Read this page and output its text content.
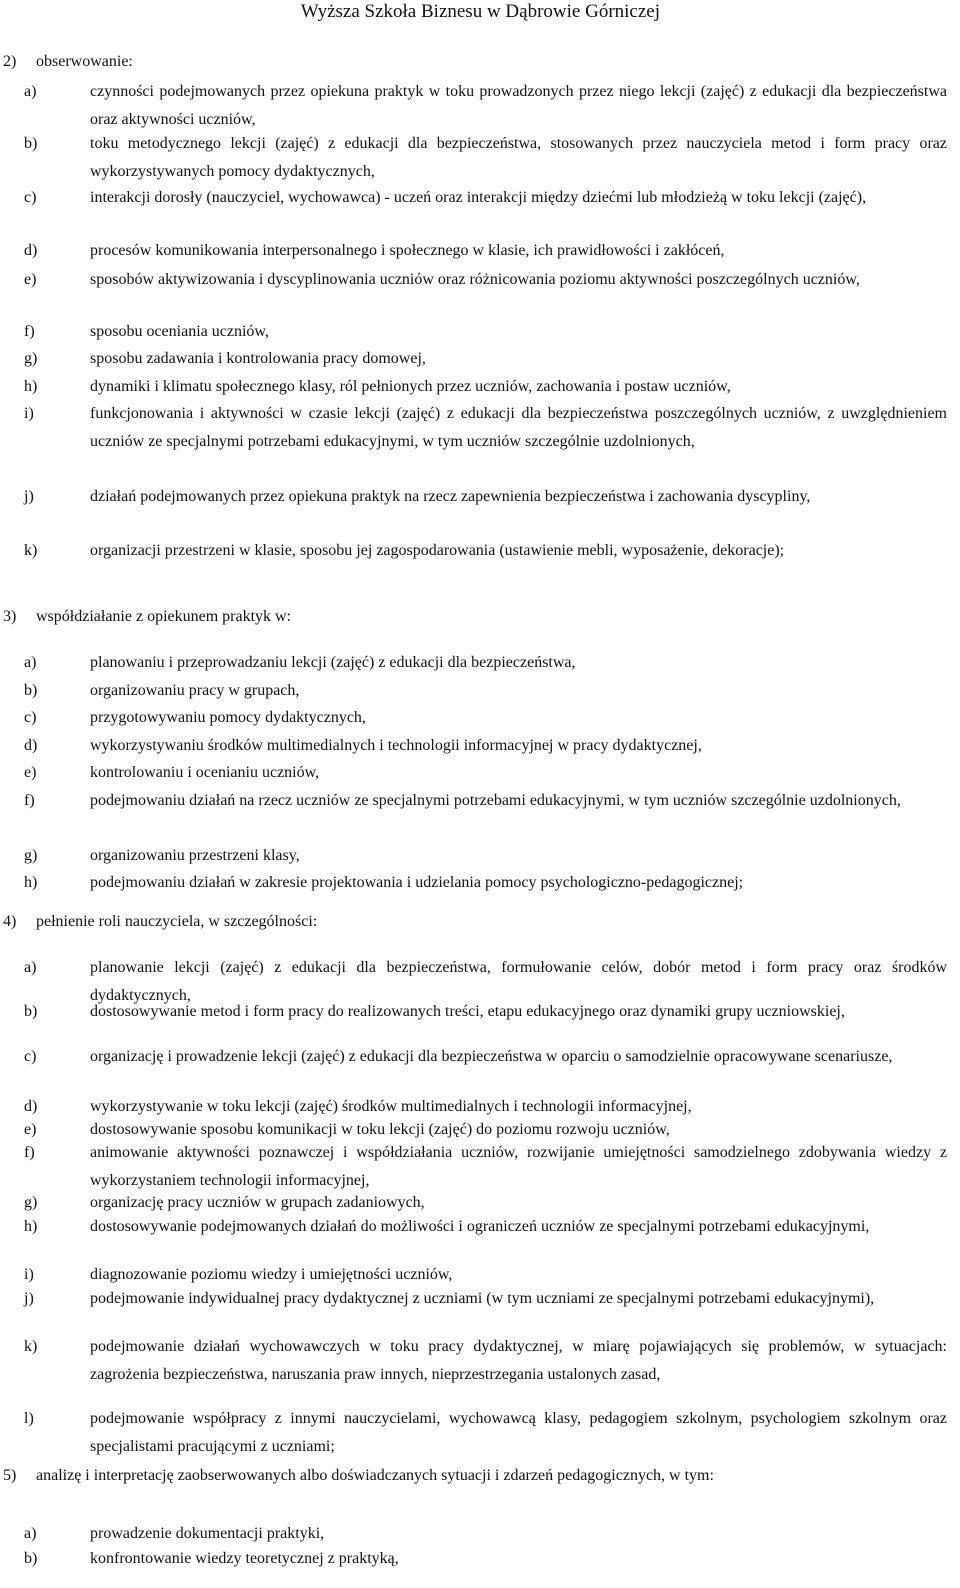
Wyższa Szkoła Biznesu w Dąbrowie Górniczej
2) obserwowanie:
a)	czynności podejmowanych przez opiekuna praktyk w toku prowadzonych przez niego lekcji (zajęć) z edukacji dla bezpieczeństwa oraz aktywności uczniów,
b)	toku metodycznego lekcji (zajęć) z edukacji dla bezpieczeństwa, stosowanych przez nauczyciela metod i form pracy oraz wykorzystywanych pomocy dydaktycznych,
c)	interakcji dorosły (nauczyciel, wychowawca) - uczeń oraz interakcji między dziećmi lub młodzieżą w toku lekcji (zajęć),
d)	procesów komunikowania interpersonalnego i społecznego w klasie, ich prawidłowości i zakłóceń,
e)	sposobów aktywizowania i dyscyplinowania uczniów oraz różnicowania poziomu aktywności poszczególnych uczniów,
f)	sposobu oceniania uczniów,
g)	sposobu zadawania i kontrolowania pracy domowej,
h)	dynamiki i klimatu społecznego klasy, ról pełnionych przez uczniów, zachowania i postaw uczniów,
i)	funkcjonowania i aktywności w czasie lekcji (zajęć) z edukacji dla bezpieczeństwa poszczególnych uczniów, z uwzględnieniem uczniów ze specjalnymi potrzebami edukacyjnymi, w tym uczniów szczególnie uzdolnionych,
j)	działań podejmowanych przez opiekuna praktyk na rzecz zapewnienia bezpieczeństwa i zachowania dyscypliny,
k)	organizacji przestrzeni w klasie, sposobu jej zagospodarowania (ustawienie mebli, wyposażenie, dekoracje);
3) współdziałanie z opiekunem praktyk w:
a)	planowaniu i przeprowadzaniu lekcji (zajęć) z edukacji dla bezpieczeństwa,
b)	organizowaniu pracy w grupach,
c)	przygotowywaniu pomocy dydaktycznych,
d)	wykorzystywaniu środków multimedialnych i technologii informacyjnej w pracy dydaktycznej,
e)	kontrolowaniu i ocenianiu uczniów,
f)	podejmowaniu działań na rzecz uczniów ze specjalnymi potrzebami edukacyjnymi, w tym uczniów szczególnie uzdolnionych,
g)	organizowaniu przestrzeni klasy,
h)	podejmowaniu działań w zakresie projektowania i udzielania pomocy psychologiczno-pedagogicznej;
4) pełnienie roli nauczyciela, w szczególności:
a)	planowanie lekcji (zajęć) z edukacji dla bezpieczeństwa, formułowanie celów, dobór metod i form pracy oraz środków dydaktycznych,
b)	dostosowywanie metod i form pracy do realizowanych treści, etapu edukacyjnego oraz dynamiki grupy uczniowskiej,
c)	organizację i prowadzenie lekcji (zajęć) z edukacji dla bezpieczeństwa w oparciu o samodzielnie opracowywane scenariusze,
d)	wykorzystywanie w toku lekcji (zajęć) środków multimedialnych i technologii informacyjnej,
e)	dostosowywanie sposobu komunikacji w toku lekcji (zajęć) do poziomu rozwoju uczniów,
f)	animowanie aktywności poznawczej i współdziałania uczniów, rozwijanie umiejętności samodzielnego zdobywania wiedzy z wykorzystaniem technologii informacyjnej,
g)	organizację pracy uczniów w grupach zadaniowych,
h)	dostosowywanie podejmowanych działań do możliwości i ograniczeń uczniów ze specjalnymi potrzebami edukacyjnymi,
i)	diagnozowanie poziomu wiedzy i umiejętności uczniów,
j)	podejmowanie indywidualnej pracy dydaktycznej z uczniami (w tym uczniami ze specjalnymi potrzebami edukacyjnymi),
k)	podejmowanie działań wychowawczych w toku pracy dydaktycznej, w miarę pojawiających się problemów, w sytuacjach: zagrożenia bezpieczeństwa, naruszania praw innych, nieprzestrzegania ustalonych zasad,
l)	podejmowanie współpracy z innymi nauczycielami, wychowawcą klasy, pedagogiem szkolnym, psychologiem szkolnym oraz specjalistami pracującymi z uczniami;
5) analizę i interpretację zaobserwowanych albo doświadczanych sytuacji i zdarzeń pedagogicznych, w tym:
a)	prowadzenie dokumentacji praktyki,
b)	konfrontowanie wiedzy teoretycznej z praktyką,
